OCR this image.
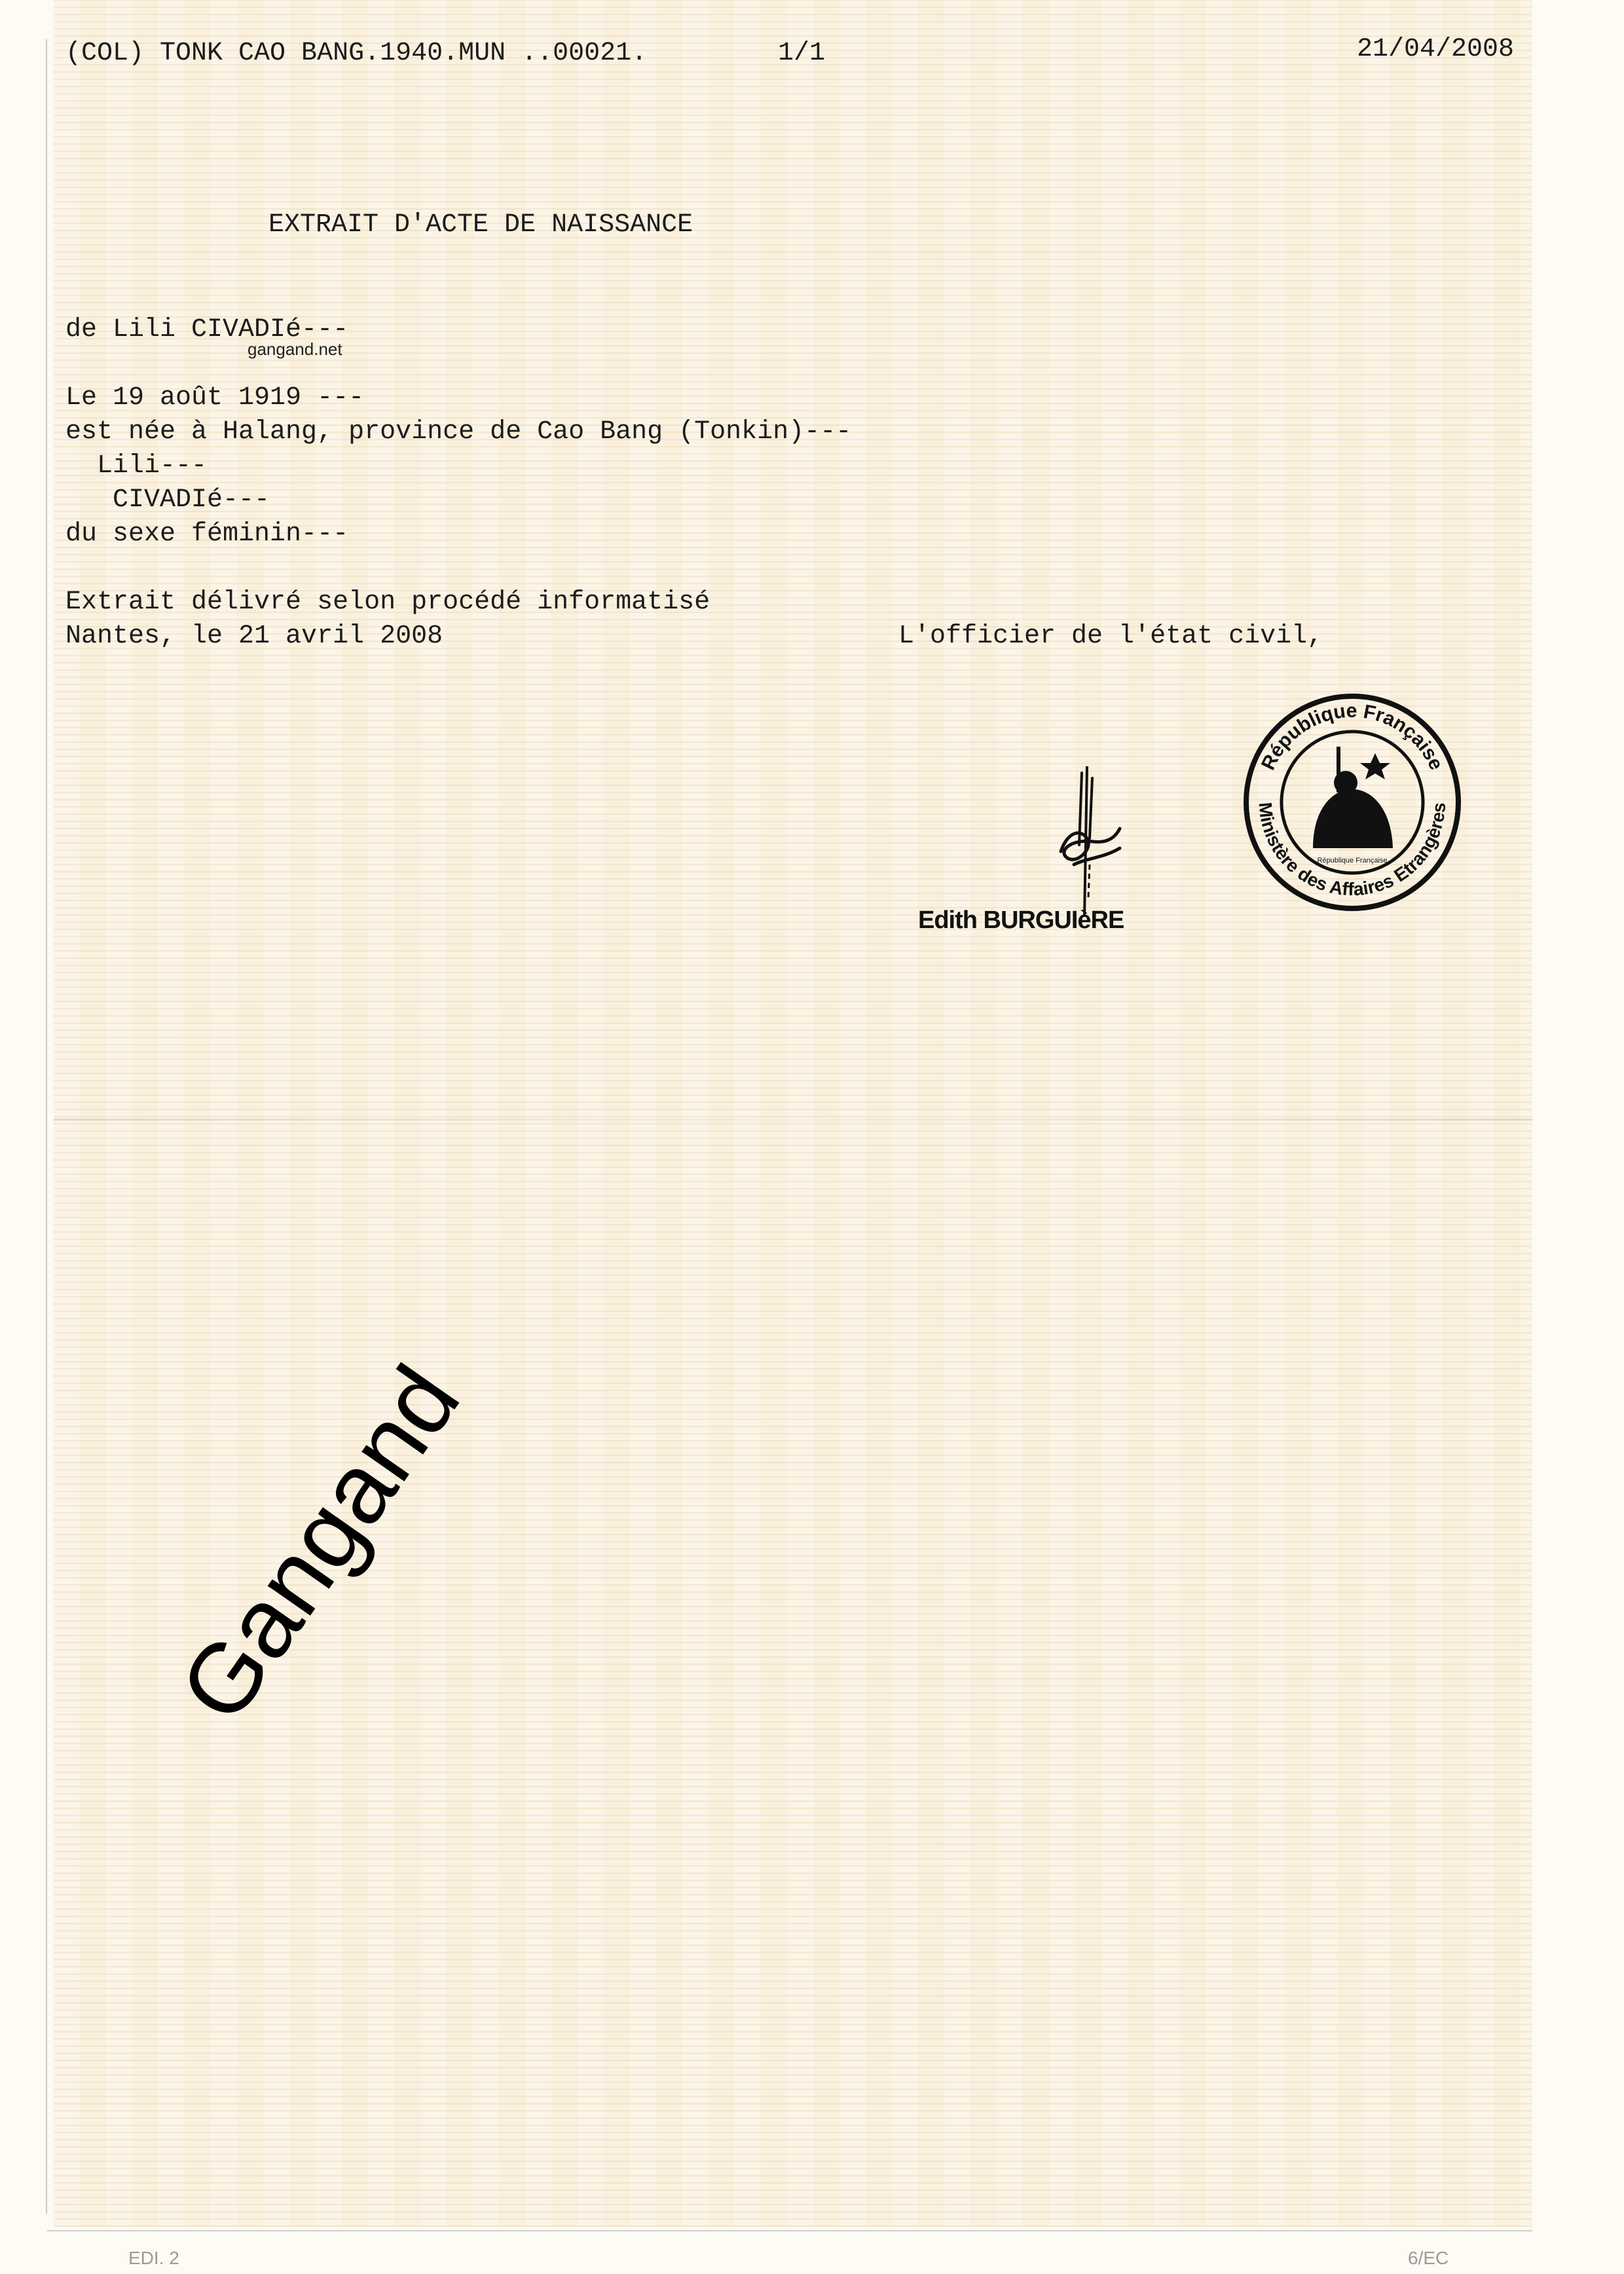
(COL) TONK CAO BANG.1940.MUN ..00021.	1/1	21/04/2008
EXTRAIT D'ACTE DE NAISSANCE
de Lili CIVADIé---
gangand.net
Le 19 août 1919 ---
est née à Halang, province de Cao Bang (Tonkin)---
Lili---
CIVADIé---
du sexe féminin---
Extrait délivré selon procédé informatisé
Nantes, le 21 avril 2008	L'officier de l'état civil,
Edith BURGUIèRE
République Française
Ministère des Affaires Etrangères
République Française
Gangand
EDI. 2	6/EC
